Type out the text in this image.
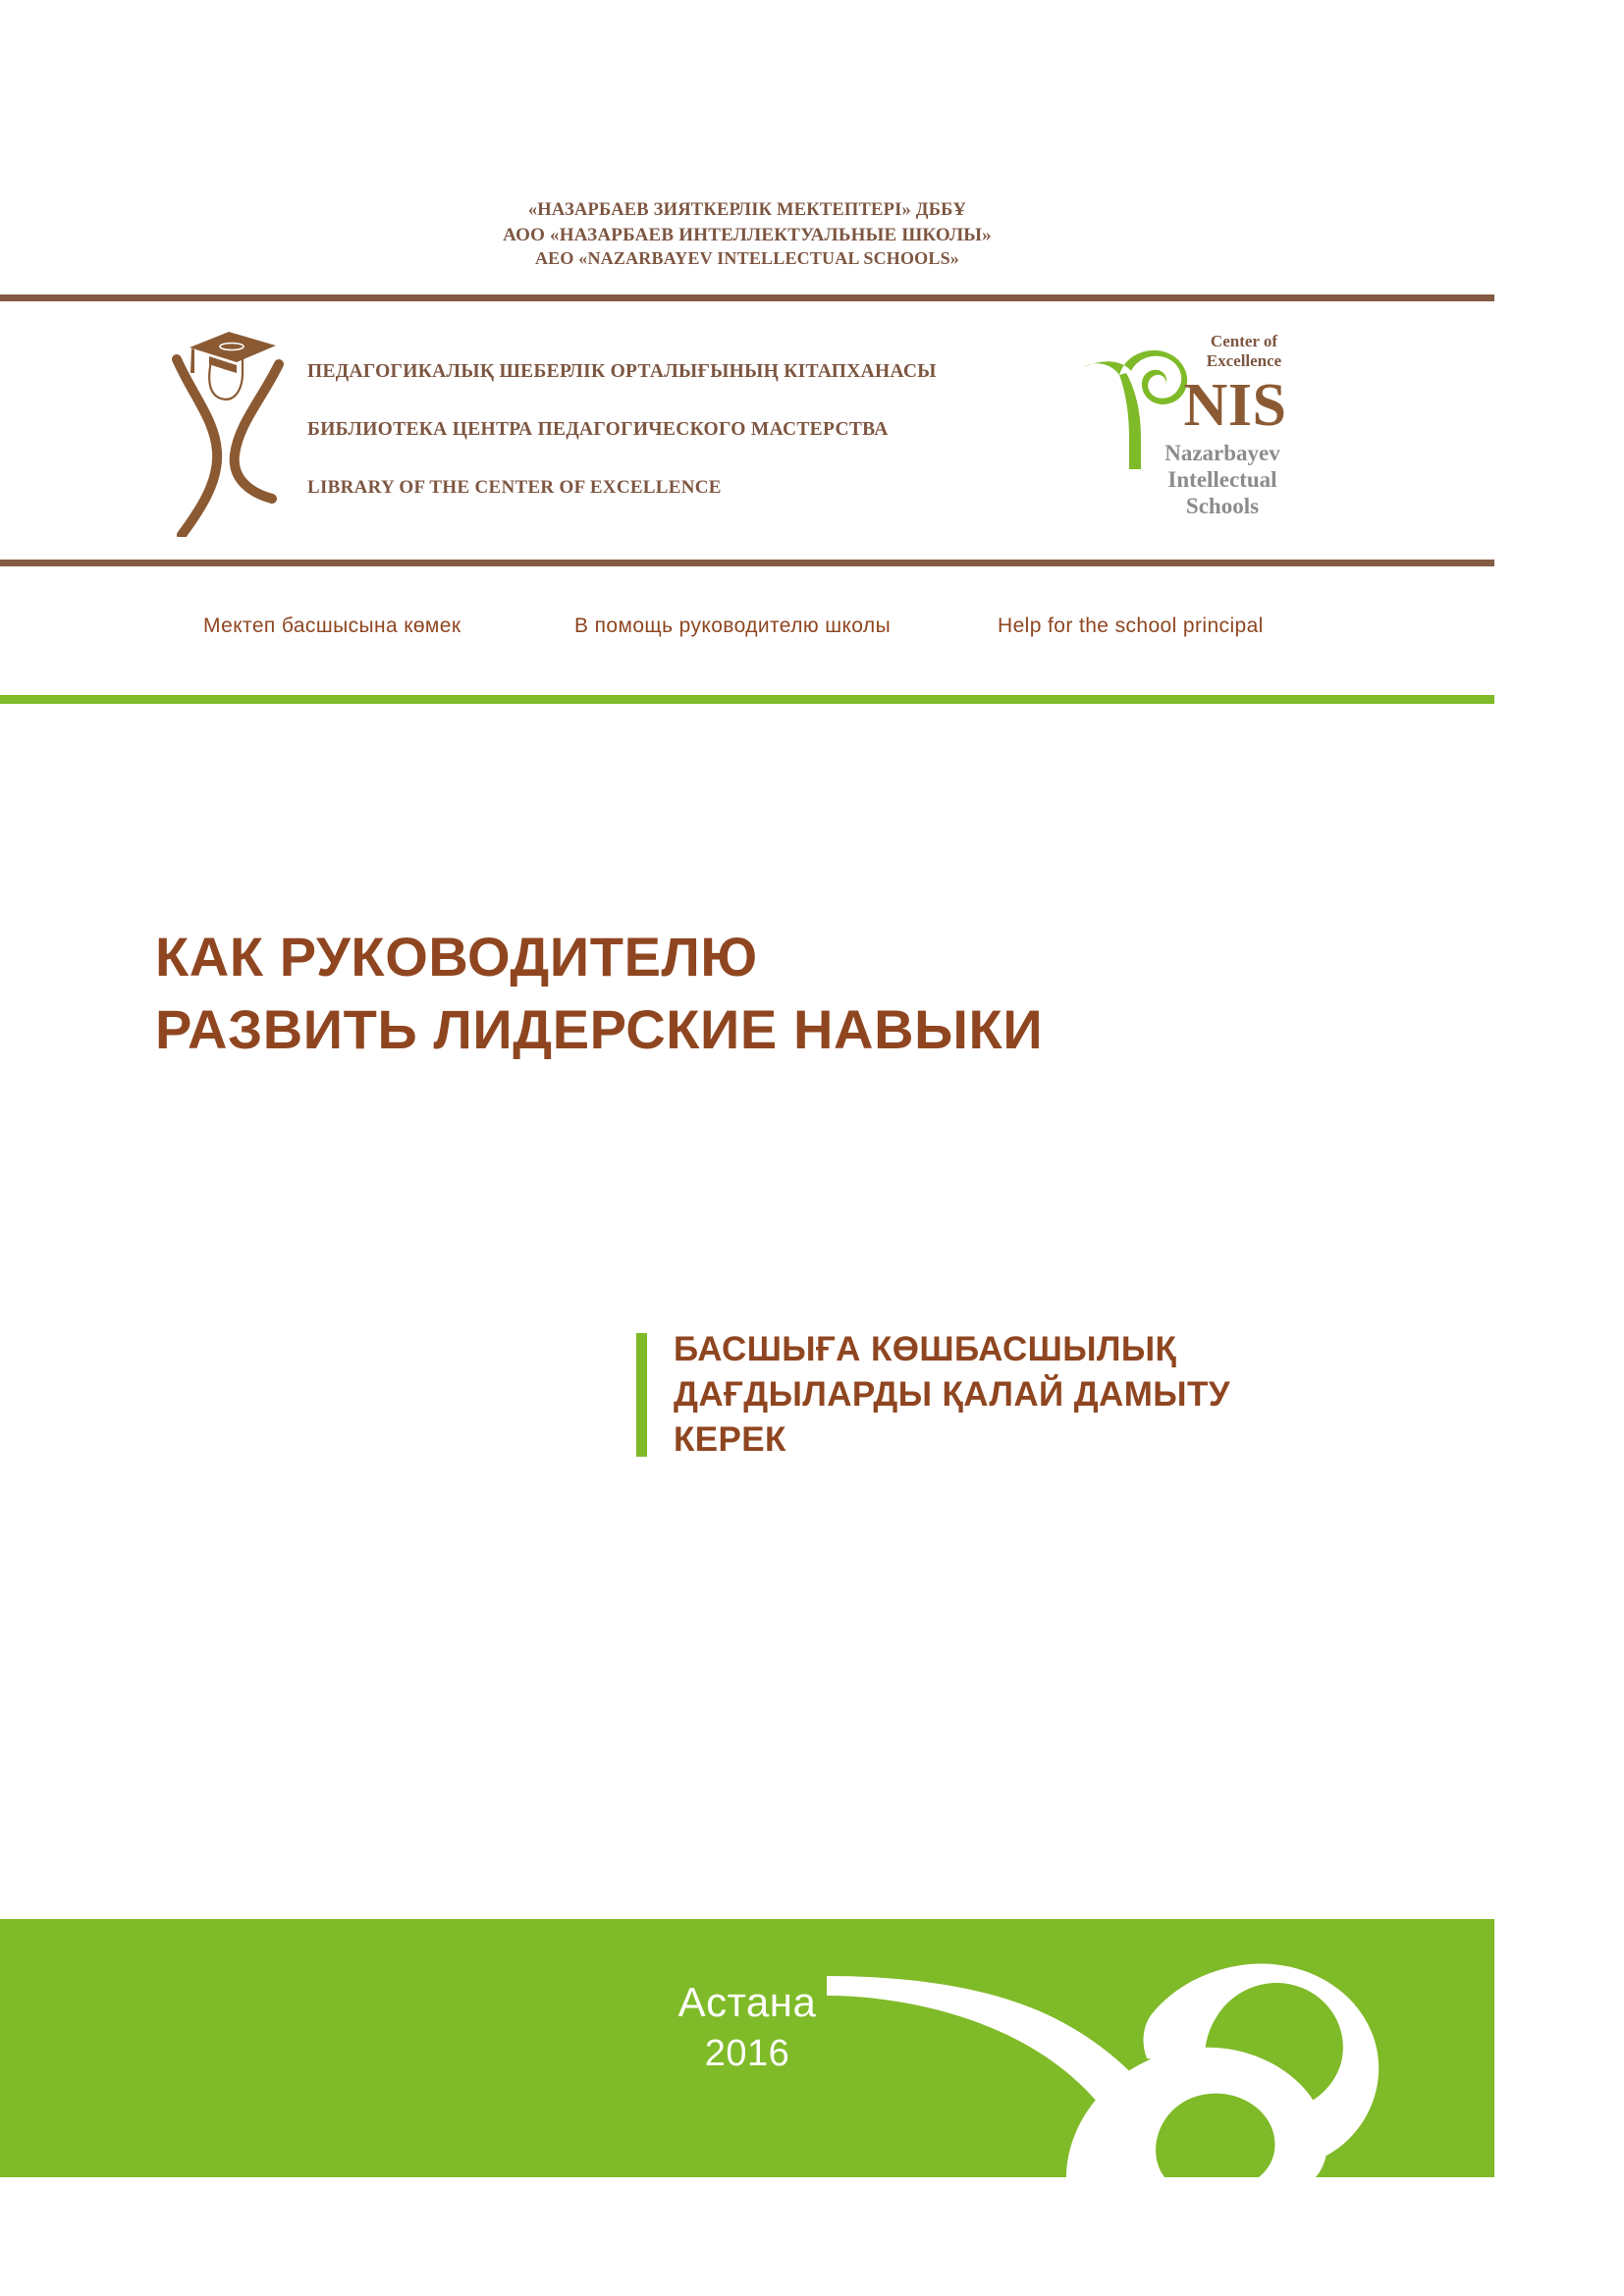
«НАЗАРБАЕВ ЗИЯТКЕРЛІК МЕКТЕПТЕРІ» ДББҰ
АОО «НАЗАРБАЕВ ИНТЕЛЛЕКТУАЛЬНЫЕ ШКОЛЫ»
AEO «NAZARBAYEV INTELLECTUAL SCHOOLS»
ПЕДАГОГИКАЛЫҚ ШЕБЕРЛІК ОРТАЛЫҒЫНЫҢ КІТАПХАНАСЫ
БИБЛИОТЕКА ЦЕНТРА ПЕДАГОГИЧЕСКОГО МАСТЕРСТВА
LIBRARY OF THE CENTER OF EXCELLENCE
Center of Excellence
NIS
Nazarbayev
Intellectual
Schools
Мектеп басшысына көмек	В помощь руководителю школы	Help for the school principal
КАК РУКОВОДИТЕЛЮ
РАЗВИТЬ ЛИДЕРСКИЕ НАВЫКИ
БАСШЫҒА КӨШБАСШЫЛЫҚ
ДАҒДЫЛАРДЫ ҚАЛАЙ ДАМЫТУ
КЕРЕК
Астана
2016
